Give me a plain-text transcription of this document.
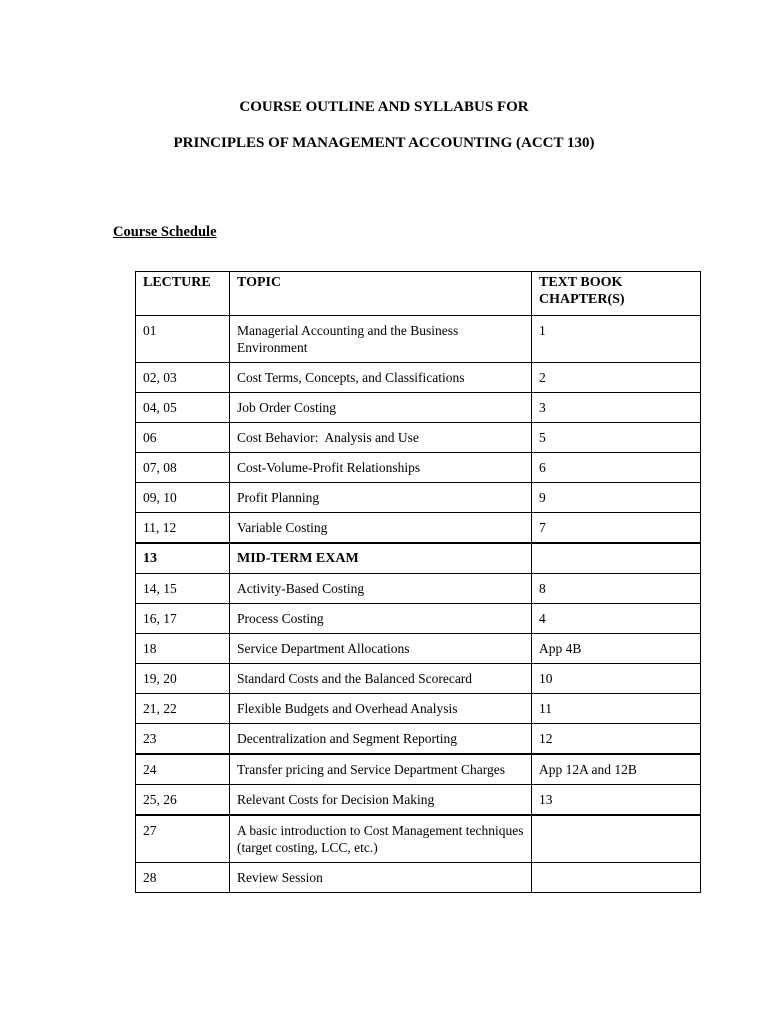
COURSE OUTLINE AND SYLLABUS FOR
PRINCIPLES OF MANAGEMENT ACCOUNTING (ACCT 130)
Course Schedule
LECTURE	TOPIC	TEXT BOOK CHAPTER(S)
01	Managerial Accounting and the Business Environment	1
02, 03	Cost Terms, Concepts, and Classifications	2
04, 05	Job Order Costing	3
06	Cost Behavior:  Analysis and Use	5
07, 08	Cost-Volume-Profit Relationships	6
09, 10	Profit Planning	9
11, 12	Variable Costing	7
13	MID-TERM EXAM	
14, 15	Activity-Based Costing	8
16, 17	Process Costing	4
18	Service Department Allocations	App 4B
19, 20	Standard Costs and the Balanced Scorecard	10
21, 22	Flexible Budgets and Overhead Analysis	11
23	Decentralization and Segment Reporting	12
24	Transfer pricing and Service Department Charges	App 12A and 12B
25, 26	Relevant Costs for Decision Making	13
27	A basic introduction to Cost Management techniques (target costing, LCC, etc.)	
28	Review Session	
